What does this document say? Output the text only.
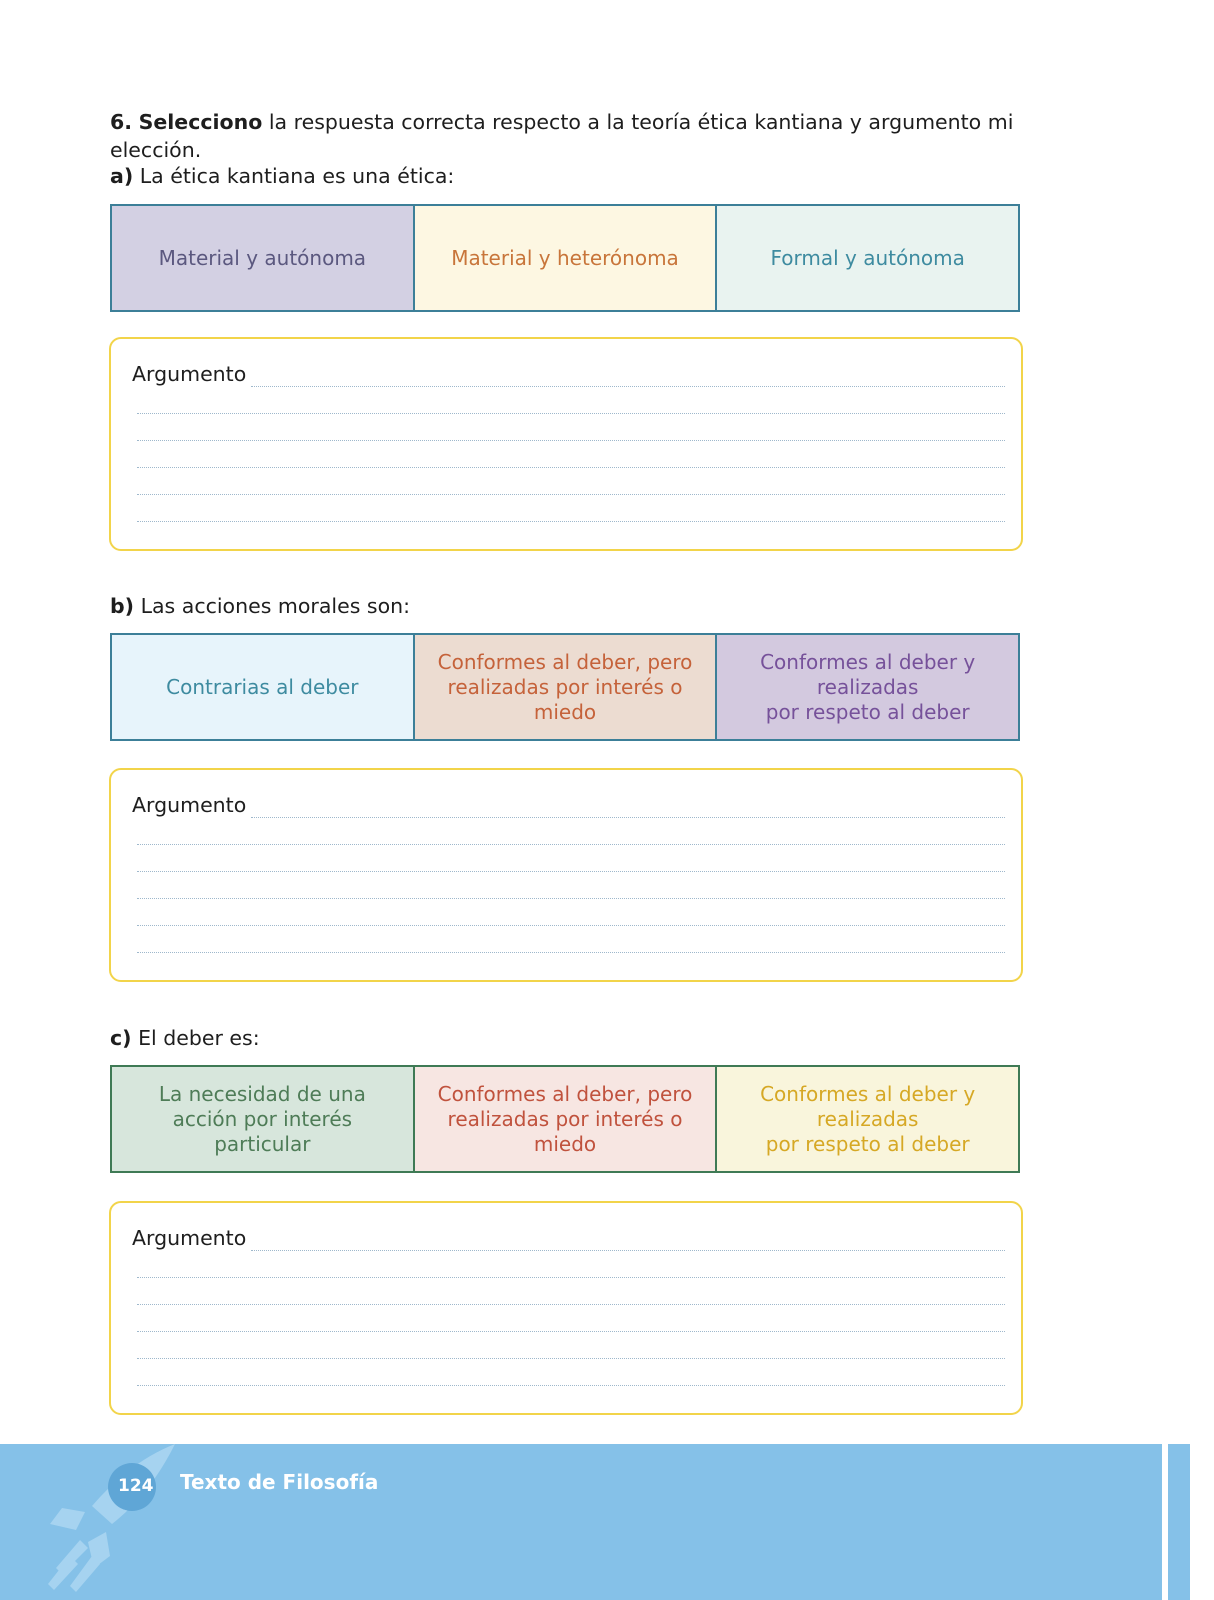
6. Selecciono la respuesta correcta respecto a la teoría ética kantiana y argumento mi elección.
a) La ética kantiana es una ética:
Material y autónoma	Material y heterónoma	Formal y autónoma
Argumento
b) Las acciones morales son:
Contrarias al deber
Conformes al deber, pero realizadas por interés o miedo
Conformes al deber y realizadas
por respeto al deber
Argumento
c) El deber es:
La necesidad de una acción por interés particular
Conformes al deber, pero realizadas por interés o miedo
Conformes al deber y realizadas
por respeto al deber
Argumento
124 Texto de Filosofía
